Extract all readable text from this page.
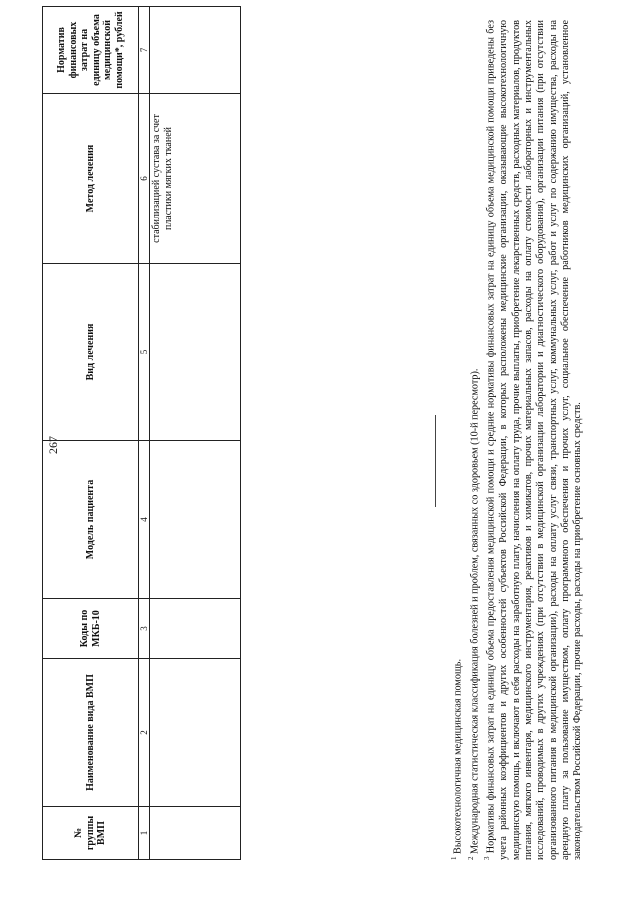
267
№ группы ВМП	Наименование вида ВМП	Коды по МКБ-10	Модель пациента	Вид лечения	Метод лечения	Норматив финансовых затрат на единицу объема медицинской помощи*, рублей
1	2	3	4	5	6	7
					стабилизацией сустава за счет пластики мягких тканей	

$^1$ Высокотехнологичная медицинская помощь.

$^2$ Международная статистическая классификация болезней и проблем, связанных со здоровьем (10-й пересмотр).

$^3$ Нормативы финансовых затрат на единицу объема предоставления медицинской помощи и средние нормативы финансовых затрат на единицу объема медицинской помощи приведены без учета районных коэффициентов и других особенностей субъектов Российской Федерации, в которых расположены медицинские организации, оказывающие высокотехнологичную медицинскую помощь, и включают в себя расходы на заработную плату, начисления на оплату труда, прочие выплаты, приобретение лекарственных средств, расходных материалов, продуктов питания, мягкого инвентаря, медицинского инструментария, реактивов и химикатов, прочих материальных запасов, расходы на оплату стоимости лабораторных и инструментальных исследований, проводимых в других учреждениях (при отсутствии в медицинской организации лаборатории и диагностического оборудования), организации питания (при отсутствии организованного питания в медицинской организации), расходы на оплату услуг связи, транспортных услуг, коммунальных услуг, работ и услуг по содержанию имущества, расходы на арендную плату за пользование имуществом, оплату программного обеспечения и прочих услуг, социальное обеспечение работников медицинских организаций, установленное законодательством Российской Федерации, прочие расходы, расходы на приобретение основных средств.
